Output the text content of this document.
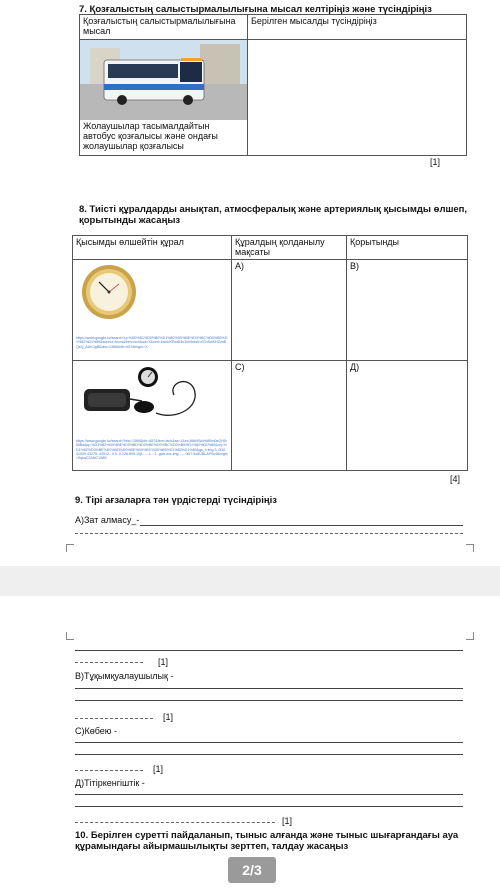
7. Қозғалыстың салыстырмалылығына мысал келтіріңіз және түсіндіріңіз
Қозғалыстың салыстырмалылығына мысал	Берілген мысалды түсіндіріңіз

Жолаушылар тасымалдайтын автобус қозғалысы және ондағы жолаушылар қозғалысы	

[1]
8. Тиісті құралдарды анықтап, атмосфералық және артериялық қысымды өлшеп, қорытынды жасаңыз
Қысымды өлшейтін құрал	Құралдың қолданылу мақсаты	Қорытынды

https://www.google.kz/search?q=%D0%B1%D0%B0%D1%80%D0%BE%D0%BC%D0%B5%D1%82%D1%80&source=lnms&tbm=isch&sa=X&ved=0ahUKEwiD3u3vh9nbAhXGhSwKHZvbBQsQ_AUICigB&biw=1366&bih=657#imgrc=X	А)	В)

https://www.google.kz/search?biw=1366&bih=657&tbm=isch&sa=1&ei=8Ab9WoHdBIm0sQH5r5iIBw&q=%D1%82%D0%BE%D0%BD%D0%BE%D0%BC%D0%B5%D1%82%D1%80&oq=%D1%82%D0%BE%D0%BD%D0%BE%D0%BC%D0%B5%D1%82%D1%80&gs_l=img.3..0l10.41039.43275..43512...0.0..0.126.895.10j1......1....1..gws-wiz-img.......0i67.5o8UBLAP0u4#imgrc=9qkaC2ANC1WM	С)	Д)
[4]
9. Тірі ағзаларға тән үрдістерді түсіндіріңіз
А)Зат алмасу_-
[1]
В)Тұқымқуалаушылық -
[1]
С)Көбею -
[1]
Д)Тітіркенгіштік -
[1]
10. Берілген суретті пайдаланып, тыныс алғанда және тыныс шығарғандағы ауа құрамындағы айырмашылықты зерттеп, талдау жасаңыз
2/3
